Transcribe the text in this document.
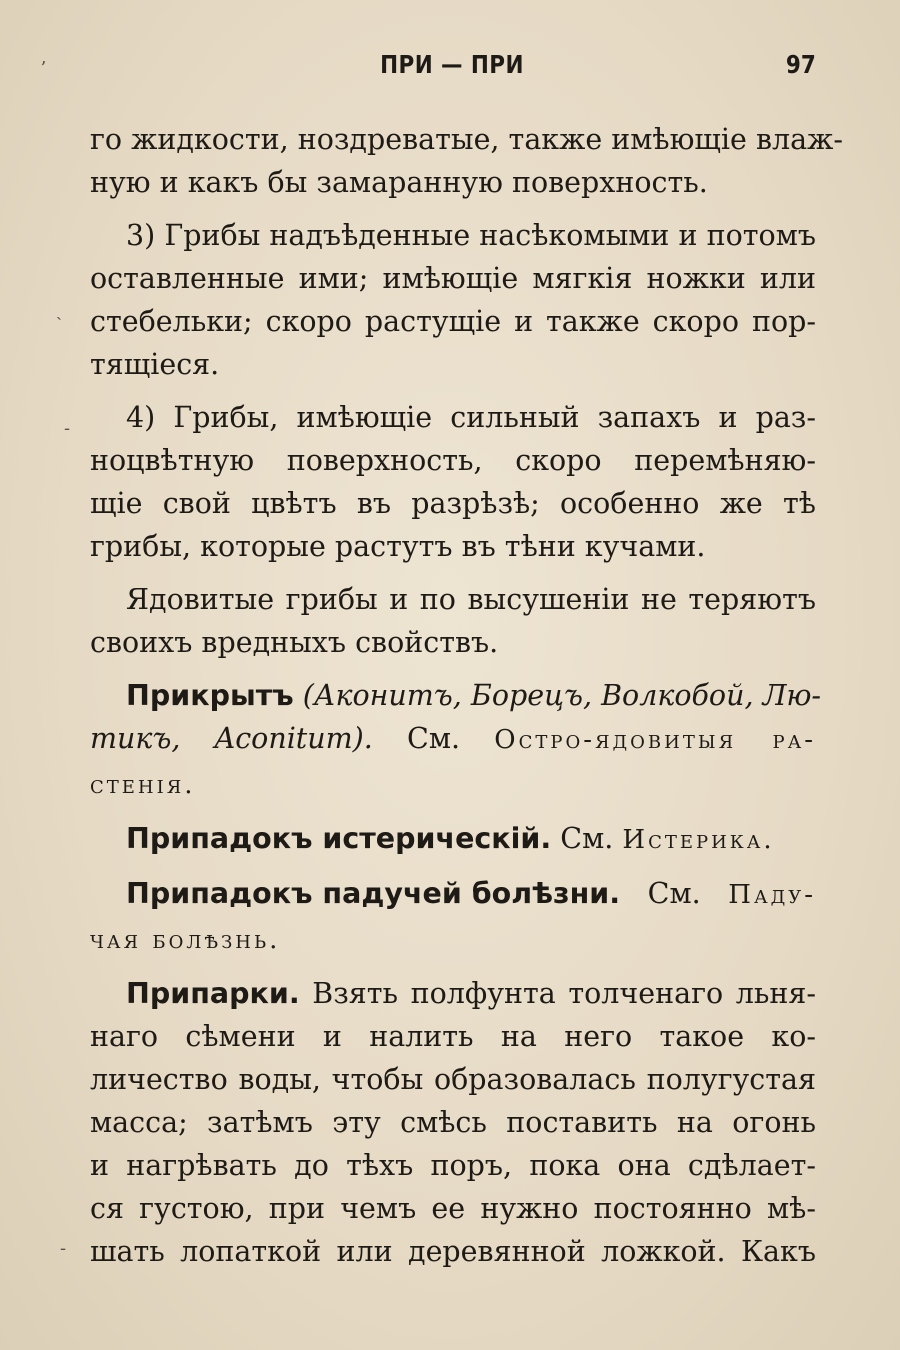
ʼ
ˏ
-
-
ПРИ — ПРИ	97
го жидкости, ноздреватые, также имѣющіе влаж-
ную и какъ бы замаранную поверхность.
3) Грибы надъѣденные насѣкомыми и потомъ
оставленные ими; имѣющіе мягкія ножки или
стебельки; скоро растущіе и также скоро пор-
тящіеся.
4) Грибы, имѣющіе сильный запахъ и раз-
ноцвѣтную поверхность, скоро перемѣняю-
щіе свой цвѣтъ въ разрѣзѣ; особенно же тѣ
грибы, которые растутъ въ тѣни кучами.
Ядовитые грибы и по высушеніи не теряютъ
своихъ вредныхъ свойствъ.
Прикрытъ (Аконитъ, Борецъ, Волкобой, Лю-
тикъ, Aconitum). См. Остро-ядовитыя ра-
стенія.
Припадокъ истерическій. См. Истерика.
Припадокъ падучей болѣзни. См. Паду-
чая болѣзнь.
Припарки. Взять полфунта толченаго льня-
наго сѣмени и налить на него такое ко-
личество воды, чтобы образовалась полугустая
масса; затѣмъ эту смѣсь поставить на огонь
и нагрѣвать до тѣхъ поръ, пока она сдѣлает-
ся густою, при чемъ ее нужно постоянно мѣ-
шать лопаткой или деревянной ложкой. Какъ
